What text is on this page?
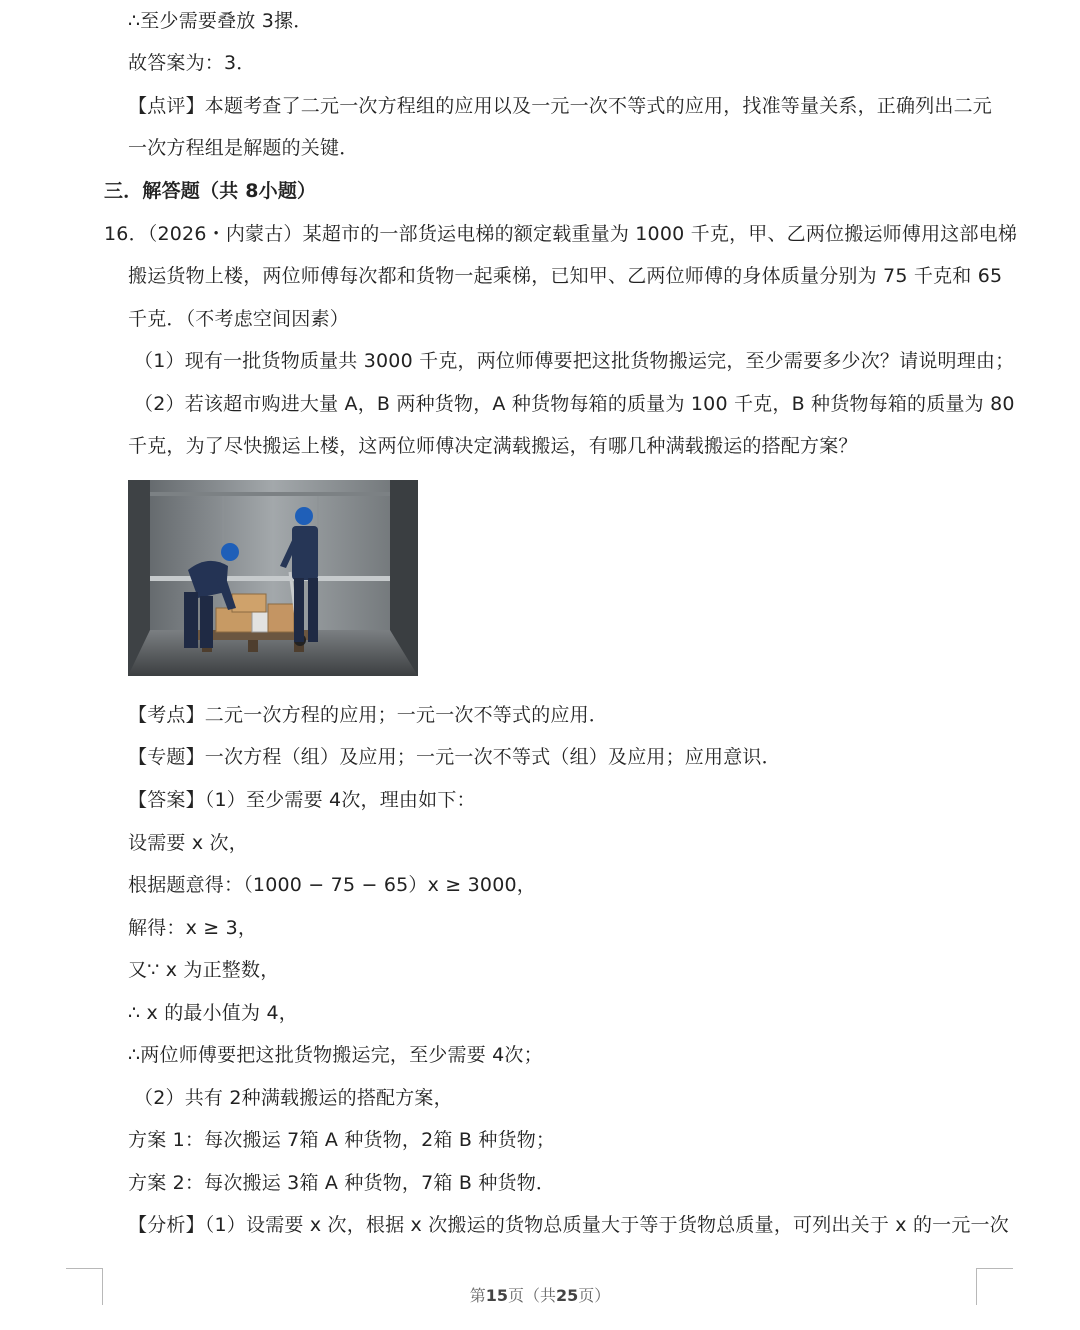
∴至少需要叠放 3摞．
故答案为：3．
【点评】本题考查了二元一次方程组的应用以及一元一次不等式的应用，找准等量关系，正确列出二元
一次方程组是解题的关键．
三．解答题（共 8小题）
16．（2026・内蒙古）某超市的一部货运电梯的额定载重量为 1000 千克，甲、乙两位搬运师傅用这部电梯
搬运货物上楼，两位师傅每次都和货物一起乘梯，已知甲、乙两位师傅的身体质量分别为 75 千克和 65
千克．（不考虑空间因素）
（1）现有一批货物质量共 3000 千克，两位师傅要把这批货物搬运完，至少需要多少次？请说明理由；
（2）若该超市购进大量 A，B 两种货物，A 种货物每箱的质量为 100 千克，B 种货物每箱的质量为 80
千克，为了尽快搬运上楼，这两位师傅决定满载搬运，有哪几种满载搬运的搭配方案？
【考点】二元一次方程的应用；一元一次不等式的应用．
【专题】一次方程（组）及应用；一元一次不等式（组）及应用；应用意识．
【答案】（1）至少需要 4次，理由如下：
设需要 x 次，
根据题意得：（1000 − 75 − 65）x ≥ 3000，
解得：x ≥ 3，
又∵ x 为正整数，
∴ x 的最小值为 4，
∴两位师傅要把这批货物搬运完，至少需要 4次；
（2）共有 2种满载搬运的搭配方案，
方案 1：每次搬运 7箱 A 种货物，2箱 B 种货物；
方案 2：每次搬运 3箱 A 种货物，7箱 B 种货物．
【分析】（1）设需要 x 次，根据 x 次搬运的货物总质量大于等于货物总质量，可列出关于 x 的一元一次
第15页（共25页）
